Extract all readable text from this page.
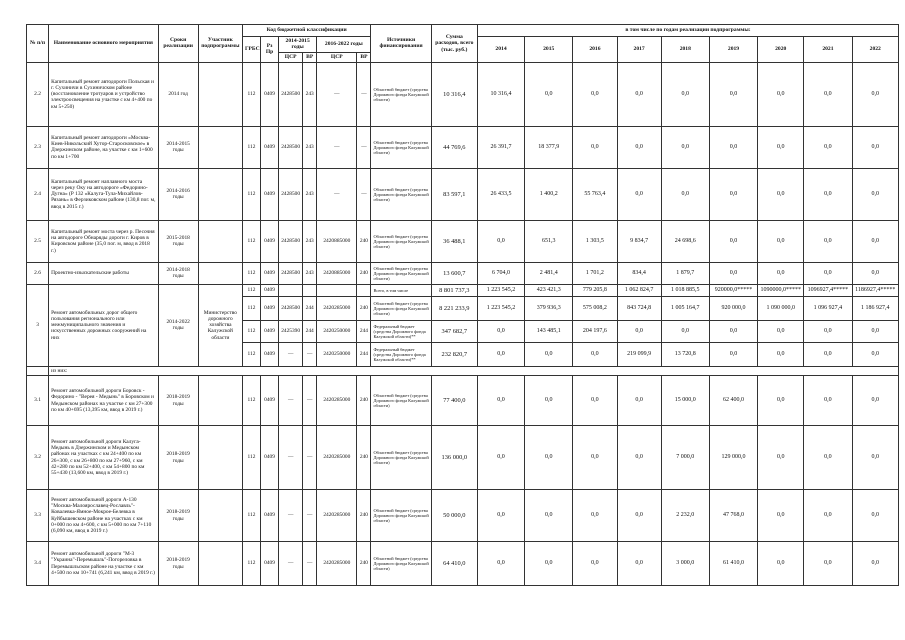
№ п/п	Наименование основного мероприятия	Сроки реализации	Участник подпрограммы	Код бюджетной классификации						Источники финансирования	Сумма расходов, всего (тыс. руб.)	в том числе по годам реализации подпрограммы:								
				ГРБС	Рз Пр	2014-2015 годы		2016-2022 годы				2014	2015	2016	2017	2018	2019	2020	2021	2022
						ЦСР	ВР	ЦСР	ВР											
2.2	Капитальный ремонт автодороги Польская и г. Сухиничи в Сухиничском районе (восстановление тротуаров и устройство электроосвещения на участке с км 4+400 по км 5+250)	2014 год		112	0409	2428500	243	—	—	Областной бюджет (средства Дорожного фонда Калужской области)	10 316,4	10 316,4	0,0	0,0	0,0	0,0	0,0	0,0	0,0	0,0
2.3	Капитальный ремонт автодороги «Москва-Киев-Никольский Хутор-Старосковское» в Дзержинском районе, на участке с км 1+600 по км 1+700	2014-2015 годы		112	0409	2428500	243	—	—	Областной бюджет (средства Дорожного фонда Калужской области)	44 769,6	26 391,7	18 377,9	0,0	0,0	0,0	0,0	0,0	0,0	0,0
2.4	Капитальный ремонт наплавного моста через реку Оку на автодороге «Федорино-Дугна» (Р 132 «Калуга-Тула-Михайлов-Рязань» в Ферзиковском районе (130,8 пог. м, ввод в 2015 г.)	2014-2016 годы		112	0409	2428500	243	—	—	Областной бюджет (средства Дорожного фонда Калужской области)	83 597,1	26 433,5	1 400,2	55 763,4	0,0	0,0	0,0	0,0	0,0	0,0
2.5	Капитальный ремонт моста через р. Песочня на автодороге Обнаряды дороги г. Киров в Кировском районе (35,0 пог. м, ввод в 2018 г.)	2015-2018 годы		112	0409	2428500	243	2420885000	240	Областной бюджет (средства Дорожного фонда Калужской области)	36 488,1	0,0	651,3	1 303,5	9 834,7	24 698,6	0,0	0,0	0,0	0,0
2.6	Проектно-изыскательские работы	2014-2018 годы		112	0409	2428500	243	2420885000	240	Областной бюджет (средства Дорожного фонда Калужской области)	13 600,7	6 704,0	2 481,4	1 701,2	834,4	1 879,7	0,0	0,0	0,0	0,0
3	Ремонт автомобильных дорог общего пользования регионального или межмуниципального значения и искусственных дорожных сооружений на них	2014-2022 годы	Министерство дорожного хозяйства Калужской области	112	0409					Всего, в том числе	8 801 737,3	1 223 545,2	423 421,3	779 205,8	1 062 824,7	1 018 885,5	920000,0*****	1090000,0*****	1096927,4*****	1186927,4*****
				112	0409	2428500	244	2420285000	240	Областной бюджет (средства Дорожного фонда Калужской области)	8 221 233,9	1 223 545,2	379 936,3	575 008,2	843 724,8	1 005 164,7	920 000,0	1 090 000,0	1 096 927,4	1 186 927,4
				112	0409	2425390	244	2420250000	244	Федеральный бюджет (средства Дорожного фонда Калужской области)**	347 682,7	0,0	143 485,1	204 197,6	0,0	0,0	0,0	0,0	0,0	0,0
				112	0409	—	—	2420250000	244	Федеральный бюджет (средства Дорожного фонда Калужской области)**	232 820,7	0,0	0,0	0,0	219 099,9	13 720,8	0,0	0,0	0,0	0,0
	из них:																			
3.1	Ремонт автомобильной дороги Боровск - Федорино - "Верея - Медынь" в Боровском и Медынском районах на участке с км 27+300 по км 40+695 (13,395 км, ввод в 2019 г.)	2018-2019 годы		112	0409	—	—	2420285000	240	Областной бюджет (средства Дорожного фонда Калужской области)	77 400,0	0,0	0,0	0,0	0,0	15 000,0	62 400,0	0,0	0,0	0,0
3.2	Ремонт автомобильной дороги Калуга-Медынь в Дзержинском и Медынском районах на участках с км 24+400 по км 26+300, с км 26+800 по км 27+960, с км 42+280 по км 52+400, с км 54+800 по км 55+430 (13,600 км, ввод в 2019 г.)	2018-2019 годы		112	0409	—	—	2420285000	240	Областной бюджет (средства Дорожного фонда Калужской области)	136 000,0	0,0	0,0	0,0	0,0	7 000,0	129 000,0	0,0	0,0	0,0
3.3	Ремонт автомобильной дороги А-130 "Москва-Малоярославец-Рославль"-Ковалевка-Ямное-Мокрое-Белевка в Куйбышевском районе на участках с км 0+000 по км 4+600, с км 5+000 по км 7+110 (6,090 км, ввод в 2019 г.)	2018-2019 годы		112	0409	—	—	2420285000	240	Областной бюджет (средства Дорожного фонда Калужской области)	50 000,0	0,0	0,0	0,0	0,0	2 232,0	47 768,0	0,0	0,0	0,0
3.4	Ремонт автомобильной дороги "М-3 "Украина"-Перемышль"-Погореловка в Перемышльском районе на участке с км 4+500 по км 10+741 (6,241 км, ввод в 2019 г.)	2018-2019 годы		112	0409	—	—	2420285000	240	Областной бюджет (средства Дорожного фонда Калужской области)	64 410,0	0,0	0,0	0,0	0,0	3 000,0	61 410,0	0,0	0,0	0,0
